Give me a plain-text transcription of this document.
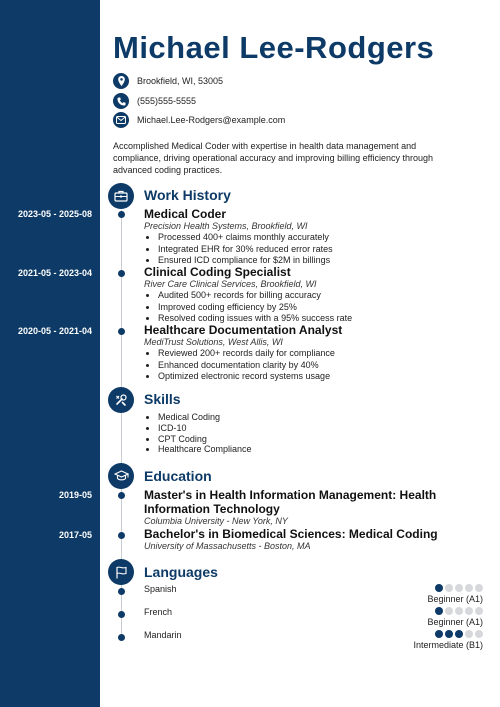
Michael Lee-Rodgers
Brookfield, WI, 53005
(555)555-5555
Michael.Lee-Rodgers@example.com
Accomplished Medical Coder with expertise in health data management and compliance, driving operational accuracy and improving billing efficiency through advanced coding practices.
Work History
2023-05 - 2025-08	Medical Coder
Precision Health Systems, Brookfield, WI
• Processed 400+ claims monthly accurately
• Integrated EHR for 30% reduced error rates
• Ensured ICD compliance for $2M in billings
2021-05 - 2023-04	Clinical Coding Specialist
River Care Clinical Services, Brookfield, WI
• Audited 500+ records for billing accuracy
• Improved coding efficiency by 25%
• Resolved coding issues with a 95% success rate
2020-05 - 2021-04	Healthcare Documentation Analyst
MediTrust Solutions, West Allis, WI
• Reviewed 200+ records daily for compliance
• Enhanced documentation clarity by 40%
• Optimized electronic record systems usage
Skills
• Medical Coding
• ICD-10
• CPT Coding
• Healthcare Compliance
Education
2019-05	Master's in Health Information Management: Health Information Technology
Columbia University - New York, NY
2017-05	Bachelor's in Biomedical Sciences: Medical Coding
University of Massachusetts - Boston, MA
Languages
Spanish
Beginner (A1)
French
Beginner (A1)
Mandarin
Intermediate (B1)
